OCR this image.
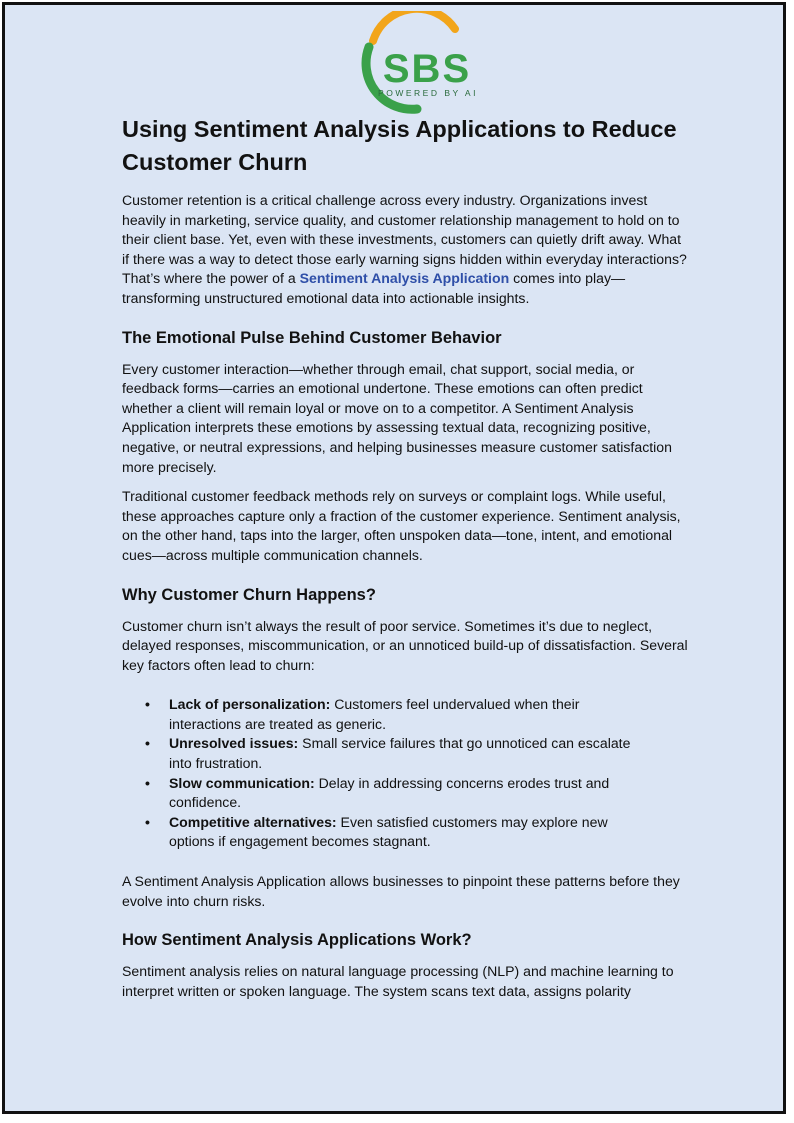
SBS
POWERED BY AI
Using Sentiment Analysis Applications to Reduce Customer Churn

Customer retention is a critical challenge across every industry. Organizations invest heavily in marketing, service quality, and customer relationship management to hold on to their client base. Yet, even with these investments, customers can quietly drift away. What if there was a way to detect those early warning signs hidden within everyday interactions? That’s where the power of a Sentiment Analysis Application comes into play—transforming unstructured emotional data into actionable insights.

The Emotional Pulse Behind Customer Behavior

Every customer interaction—whether through email, chat support, social media, or feedback forms—carries an emotional undertone. These emotions can often predict whether a client will remain loyal or move on to a competitor. A Sentiment Analysis Application interprets these emotions by assessing textual data, recognizing positive, negative, or neutral expressions, and helping businesses measure customer satisfaction more precisely.

Traditional customer feedback methods rely on surveys or complaint logs. While useful, these approaches capture only a fraction of the customer experience. Sentiment analysis, on the other hand, taps into the larger, often unspoken data—tone, intent, and emotional cues—across multiple communication channels.

Why Customer Churn Happens?

Customer churn isn’t always the result of poor service. Sometimes it’s due to neglect, delayed responses, miscommunication, or an unnoticed build-up of dissatisfaction. Several key factors often lead to churn:

• Lack of personalization: Customers feel undervalued when their interactions are treated as generic.
• Unresolved issues: Small service failures that go unnoticed can escalate into frustration.
• Slow communication: Delay in addressing concerns erodes trust and confidence.
• Competitive alternatives: Even satisfied customers may explore new options if engagement becomes stagnant.

A Sentiment Analysis Application allows businesses to pinpoint these patterns before they evolve into churn risks.

How Sentiment Analysis Applications Work?

Sentiment analysis relies on natural language processing (NLP) and machine learning to interpret written or spoken language. The system scans text data, assigns polarity
